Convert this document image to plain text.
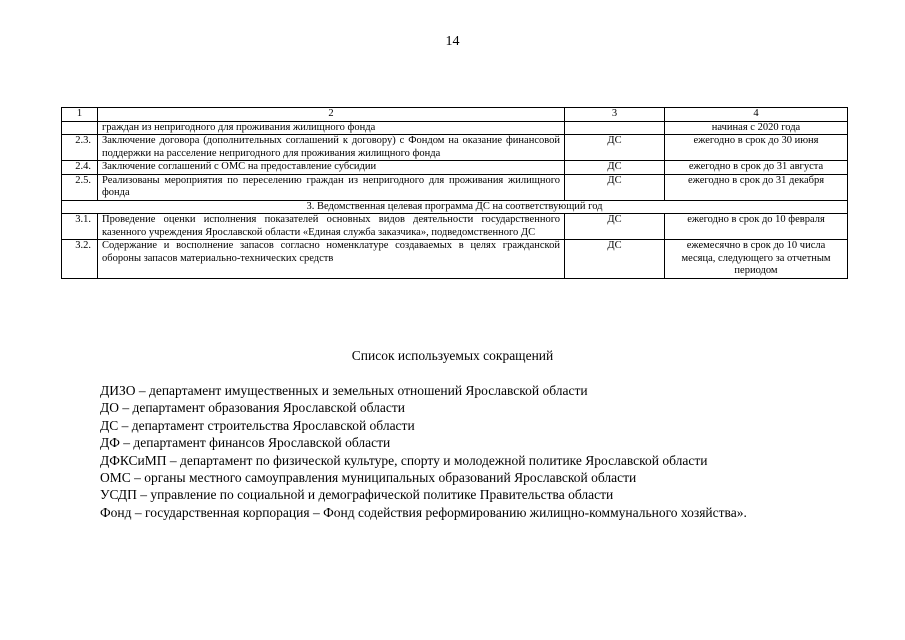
14
1	2	3	4
	граждан из непригодного для проживания жилищного фонда		начиная с 2020 года
2.3.	Заключение договора (дополнительных соглашений к договору) с Фондом на оказание финансовой поддержки на расселение непригодного для проживания жилищного фонда	ДС	ежегодно в срок до 30 июня
2.4.	Заключение соглашений с ОМС на предоставление субсидии	ДС	ежегодно в срок до 31 августа
2.5.	Реализованы мероприятия по переселению граждан из непригодного для проживания жилищного фонда	ДС	ежегодно в срок до 31 декабря
3. Ведомственная целевая программа ДС на соответствующий год			
3.1.	Проведение оценки исполнения показателей основных видов деятельности государственного казенного учреждения Ярославской области «Единая служба заказчика», подведомственного ДС	ДС	ежегодно в срок до 10 февраля
3.2.	Содержание и восполнение запасов согласно номенклатуре создаваемых в целях гражданской обороны запасов материально-технических средств	ДС	ежемесячно в срок до 10 числа месяца, следующего за отчетным периодом
Список используемых сокращений
ДИЗО – департамент имущественных и земельных отношений Ярославской области
ДО – департамент образования Ярославской области
ДС – департамент строительства Ярославской области
ДФ – департамент финансов Ярославской области
ДФКСиМП – департамент по физической культуре, спорту и молодежной политике Ярославской области
ОМС – органы местного самоуправления муниципальных образований Ярославской области
УСДП – управление по социальной и демографической политике Правительства области
Фонд – государственная корпорация – Фонд содействия реформированию жилищно-коммунального хозяйства».
